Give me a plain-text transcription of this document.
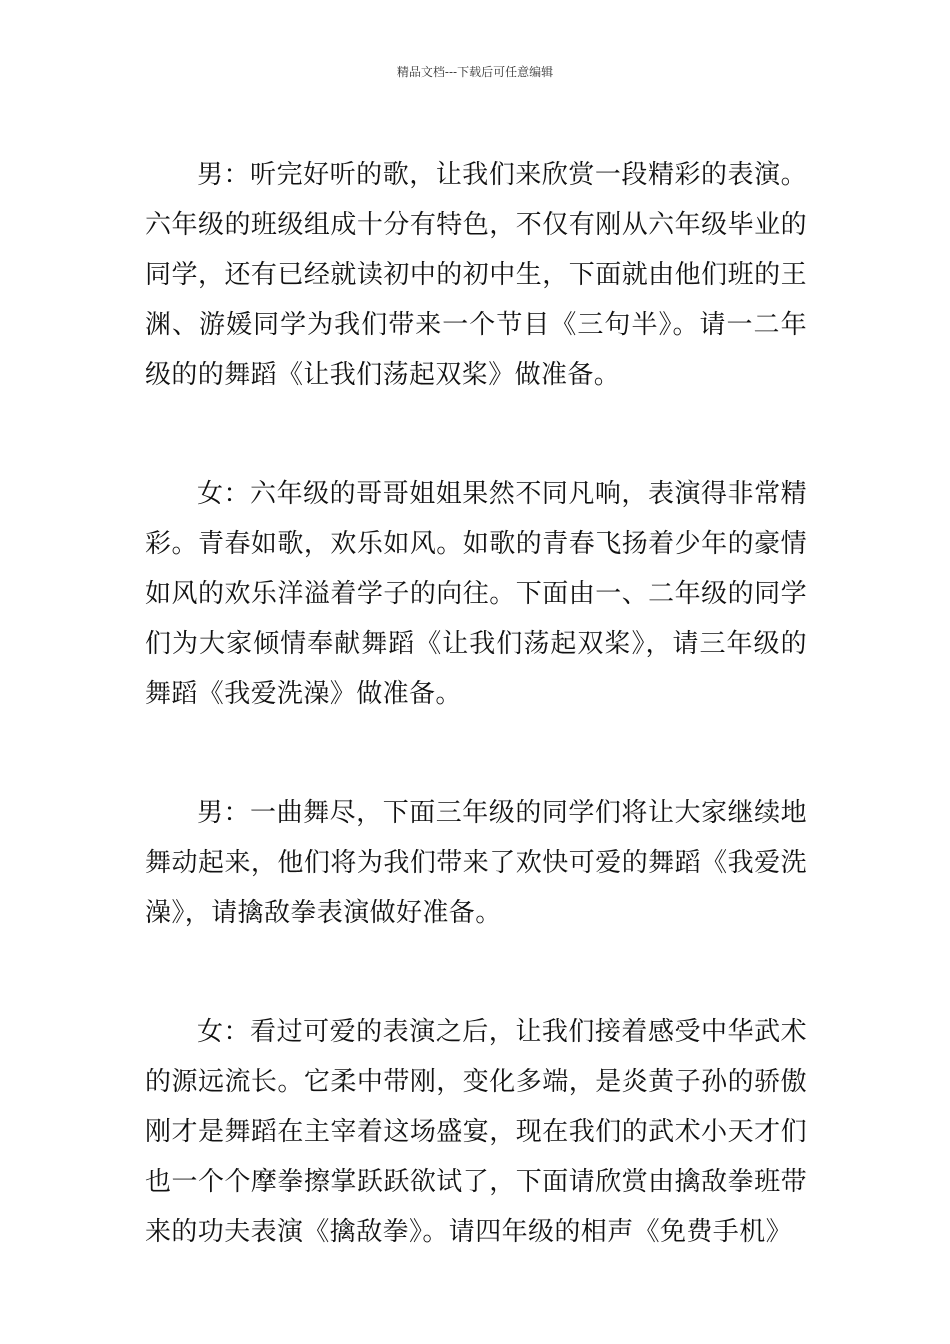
精品文档---下载后可任意编辑

男：听完好听的歌，让我们来欣赏一段精彩的表演。六年级的班级组成十分有特色，不仅有刚从六年级毕业的同学，还有已经就读初中的初中生，下面就由他们班的王渊、游媛同学为我们带来一个节目《三句半》。请一二年级的的舞蹈《让我们荡起双桨》做准备。

女：六年级的哥哥姐姐果然不同凡响，表演得非常精彩。青春如歌，欢乐如风。如歌的青春飞扬着少年的豪情如风的欢乐洋溢着学子的向往。下面由一、二年级的同学们为大家倾情奉献舞蹈《让我们荡起双桨》，请三年级的舞蹈《我爱洗澡》做准备。

男：一曲舞尽，下面三年级的同学们将让大家继续地舞动起来，他们将为我们带来了欢快可爱的舞蹈《我爱洗澡》，请擒敌拳表演做好准备。

女：看过可爱的表演之后，让我们接着感受中华武术的源远流长。它柔中带刚，变化多端，是炎黄子孙的骄傲刚才是舞蹈在主宰着这场盛宴，现在我们的武术小天才们也一个个摩拳擦掌跃跃欲试了，下面请欣赏由擒敌拳班带来的功夫表演《擒敌拳》。请四年级的相声《免费手机》
